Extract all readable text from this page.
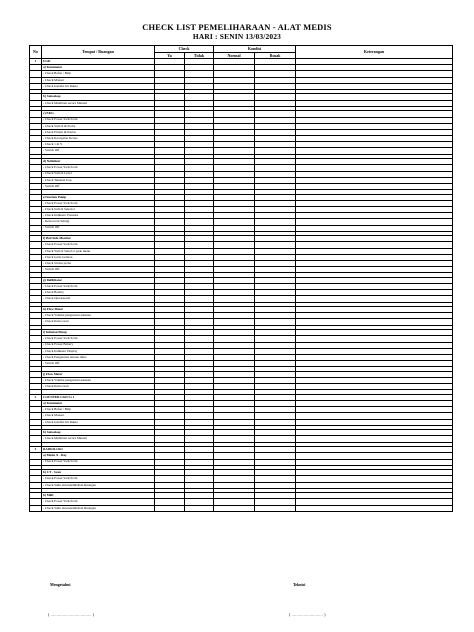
CHECK LIST PEMELIHARAAN - ALAT MEDIS
HARI : SENIN 13/03/2023
No	Tempat / Ruangan	Check		Kondisi		Keterangan
		Ya	Tidak	Normal	Rusak	
1	UGD					
	a) Tensimeter					
	- Check Balon / Bulp					
	- Check Manset					
	- Check kondisi Air Raksa					

	b) Stetoskop					
	- Check Membran secara Manual					

	c) EKG					
	- Check Power Switch On					
	- Check Switch & Probe					
	- Check Printer & Kertas					
	- Check Kecepatan Kertas					
	- Check 1 m V					
	- Switch Off					

	d) Nebulizer					
	- Check Power Switch On					
	- Check Switch Level					
	- Check Tekanan Uap					
	- Switch Off					

	e) Suction Pump					
	- Check Power Switch On					
	- Check Switch Selector					
	- Check Indikator Pressure					
	- Kebocoran Selang					
	- Switch Off					

	f) Bed Side Monitor					
	- Check Power Switch On					
	- Check Switch Selector pada menu					
	- Check Garis Gelatan					
	- Check Strobe probe					
	- Switch Off					

	g) Defibliator					
	- Check Power Switch On					
	- Check Battery					
	- Check Operasional					

	h) Flow Meter					
	- Check Volume pengaturan tekanan					
	- Check Kebocoran					

	i) Infusion Pump					
	- Check Power Switch On					
	- Check Power Battery					
	- Check Indikator Display					
	- Check Pengaturan tetesan infus					
	- Switch Off					

	j) Flow Meter					
	- Check Volume pengaturan tekanan					
	- Check Kebocoran					

2	COUNTER UGD Lt 1					
	a) Tensimeter					
	- Check Balon / Bulp					
	- Check Manset					
	- Check kondisi Air Raksa					

	b) Stetoskop					
	- Check Membran secara Manual					

3	RADIOLOGI					
	a) Mesin X - Ray					
	- Check Power Switch On					

	b) CT - Scan					
	- Check Power Switch On					
	- Check Suhu dan kelembaban Ruangan					

	b) MRI					
	- Check Power Switch On					
	- Check Suhu dan kelembaban Ruangan					
Mengetahui	Teknisi
( .................................. )	( .......................... )
